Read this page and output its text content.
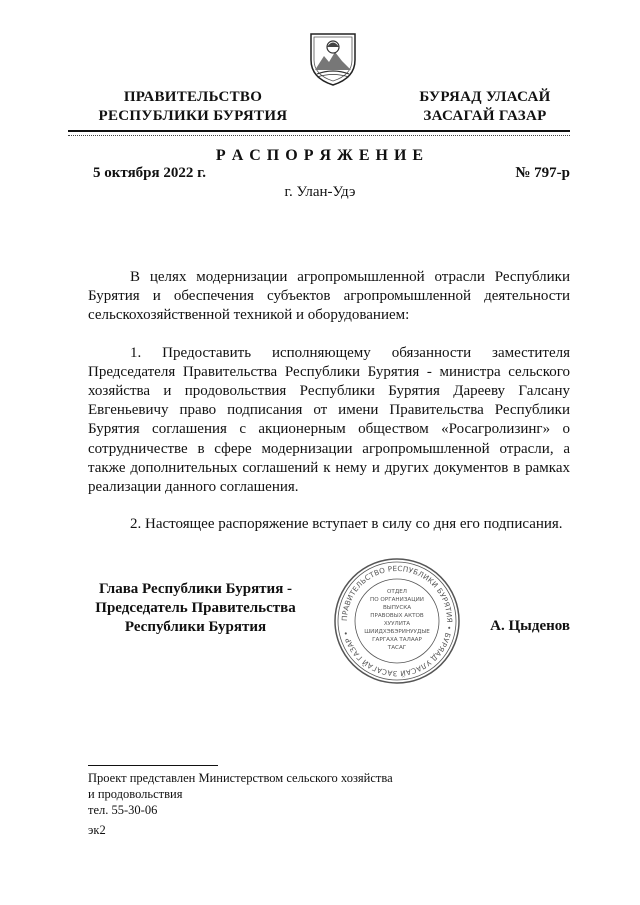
ПРАВИТЕЛЬСТВО
РЕСПУБЛИКИ БУРЯТИЯ
БУРЯАД УЛАСАЙ
ЗАСАГАЙ ГАЗАР
Р А С П О Р Я Ж Е Н И Е
5 октября 2022 г.	№ 797-р
г. Улан-Удэ

В целях модернизации агропромышленной отрасли Республики Бурятия и обеспечения субъектов агропромышленной деятельности сельскохозяйственной техникой и оборудованием:

1. Предоставить исполняющему обязанности заместителя Председателя Правительства Республики Бурятия - министра сельского хозяйства и продовольствия Республики Бурятия Дарееву Галсану Евгеньевичу право подписания от имени Правительства Республики Бурятия соглашения с акционерным обществом «Росагролизинг» о сотрудничестве в сфере модернизации агропромышленной отрасли, а также дополнительных соглашений к нему и других документов в рамках реализации данного соглашения.

2. Настоящее распоряжение вступает в силу со дня его подписания.

Глава Республики Бурятия -
Председатель Правительства
Республики Бурятия	А. Цыденов
ПРАВИТЕЛЬСТВО РЕСПУБЛИКИ БУРЯТИЯ • БУРЯАД УЛАСАЙ ЗАСАГАЙ ГАЗАР •
ОТДЕЛ
ПО ОРГАНИЗАЦИИ
ВЫПУСКА
ПРАВОВЫХ АКТОВ
ХУУЛИТА
ШИИДХЭБЭРИНУУДЫЕ
ГАРГАХА ТАЛААР
ТАСАГ
Проект представлен Министерством сельского хозяйства
и продовольствия
тел. 55-30-06
эк2
